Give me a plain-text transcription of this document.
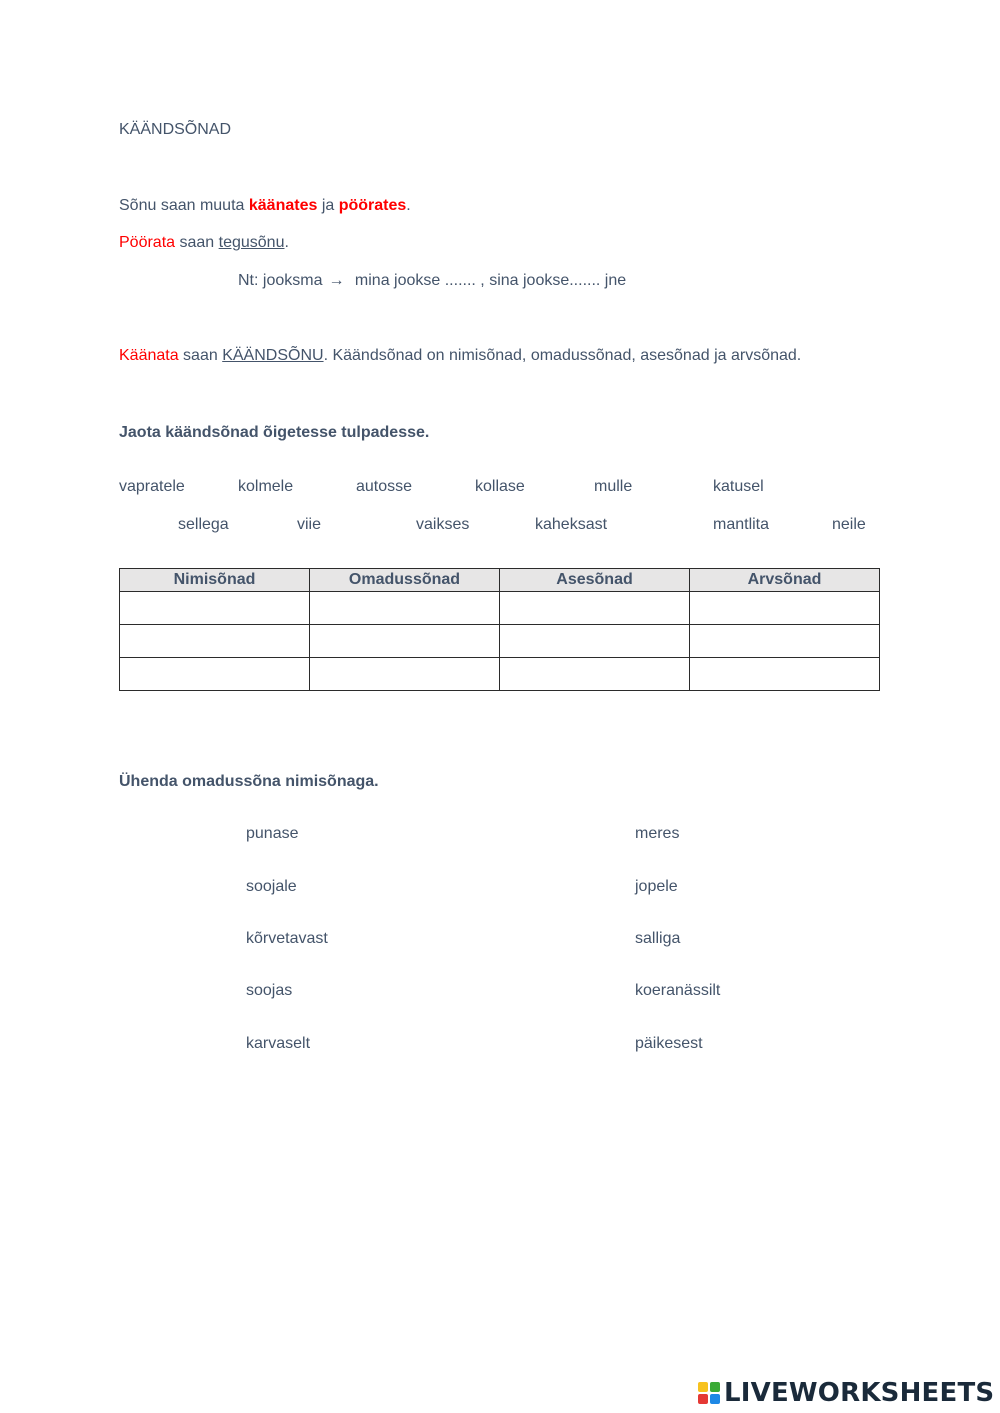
KÄÄNDSÕNAD
Sõnu saan muuta käänates ja pöörates.
Pöörata saan tegusõnu.
Nt: jooksma → mina jookse ....... , sina jookse....... jne
Käänata saan KÄÄNDSÕNU. Käändsõnad on nimisõnad, omadussõnad, asesõnad ja arvsõnad.
Jaota käändsõnad õigetesse tulpadesse.
vapratele	kolmele	autosse	kollase	mulle	katusel
sellega	viie	vaikses	kaheksast	mantlita	neile
Nimisõnad	Omadussõnad	Asesõnad	Arvsõnad

Ühenda omadussõna nimisõnaga.
punase
soojale
kõrvetavast
soojas
karvaselt
meres
jopele
salliga
koeranässilt
päikesest
LIVEWORKSHEETS
